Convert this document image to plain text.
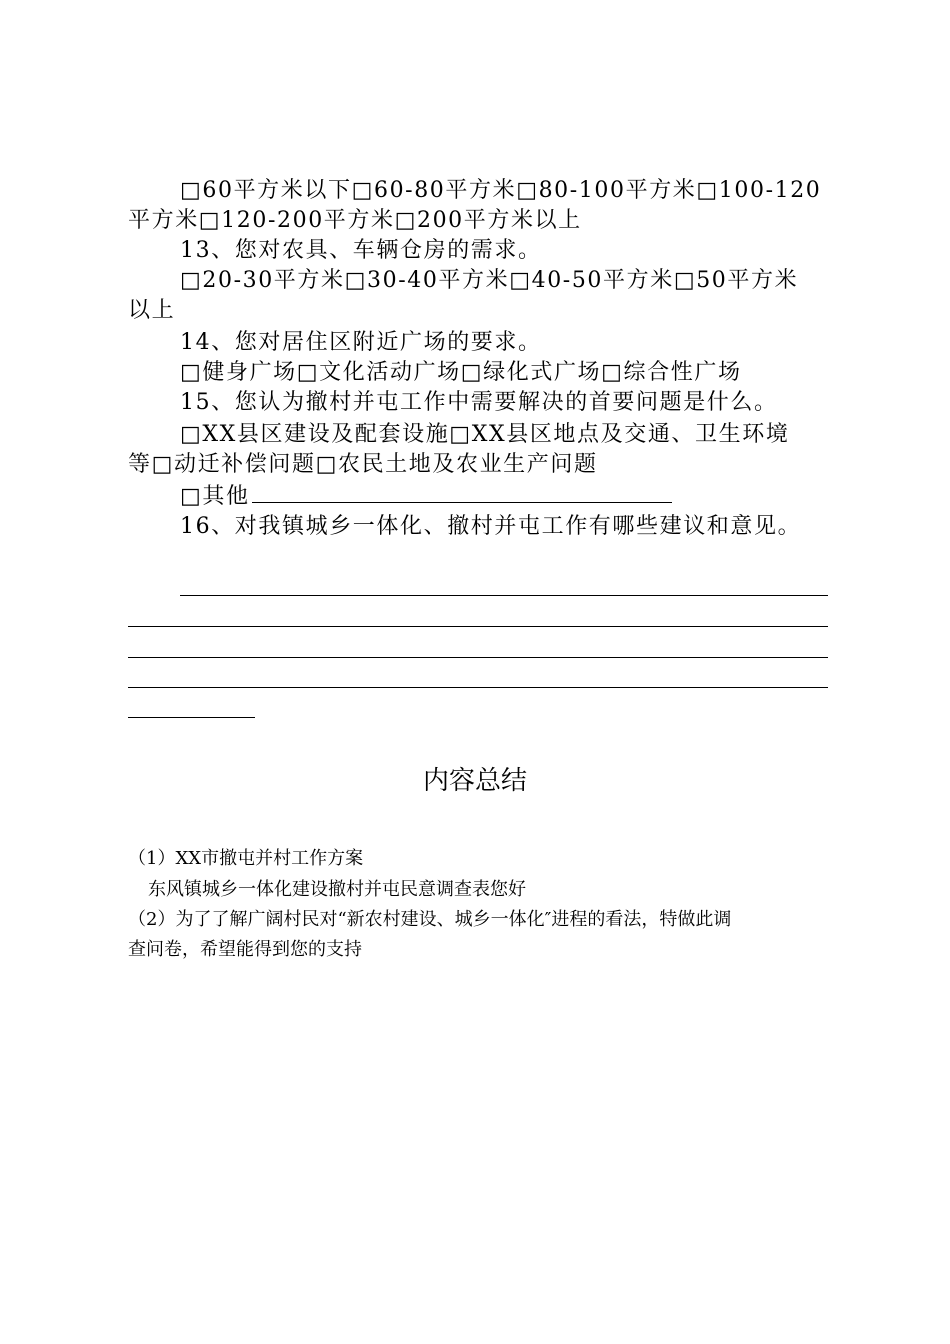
□60平方米以下□60-80平方米□80-100平方米□100-120
平方米□120-200平方米□200平方米以上
13、您对农具、车辆仓房的需求。
□20-30平方米□30-40平方米□40-50平方米□50平方米
以上
14、您对居住区附近广场的要求。
□健身广场□文化活动广场□绿化式广场□综合性广场
15、您认为撤村并屯工作中需要解决的首要问题是什么。
□XX县区建设及配套设施□XX县区地点及交通、卫生环境
等□动迁补偿问题□农民土地及农业生产问题
□其他
16、对我镇城乡一体化、撤村并屯工作有哪些建议和意见。
内容总结
（1）XX市撤屯并村工作方案
东风镇城乡一体化建设撤村并屯民意调查表您好
（2）为了了解广阔村民对“新农村建设、城乡一体化″进程的看法，特做此调
查问卷，希望能得到您的支持
